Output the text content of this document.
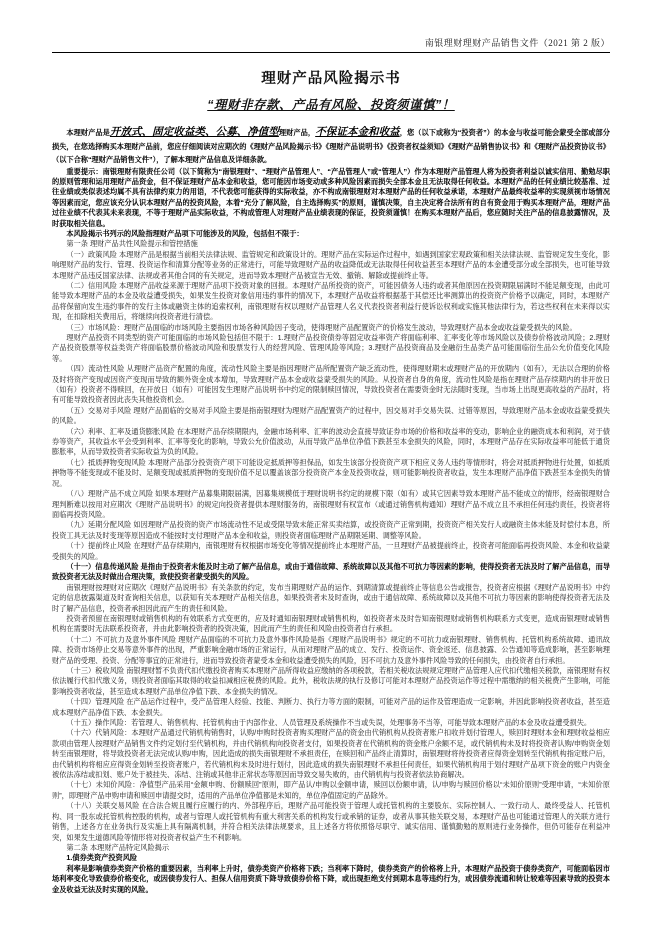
南银理财理财产品销售文件（2021 第 2 版）
理财产品风险揭示书
“理财非存款、产品有风险、投资须谨慎”！

本理财产品是开放式、固定收益类、公募、净值型理财产品，不保证本金和收益，您（以下或称为“投资者”）的本金与收益可能会蒙受全部或部分损失，在您选择购买本理财产品前，您应仔细阅读对应期次的《理财产品风险揭示书》《理财产品说明书》《投资者权益须知》《理财产品销售协议书》和《理财产品投资协议书》（以下合称“理财产品销售文件”），了解本理财产品信息及详细条款。

重要提示：南银理财有限责任公司（以下简称为“南银理财”、“理财产品管理人”、“产品管理人”或“管理人”）作为本理财产品管理人将为投资者利益以诚实信用、勤勉尽职的原则管理和运用理财产品资金，但不保证理财产品本金和收益，您可能因市场变动或多种风险因素而损失全部本金且无法取得任何收益。本理财产品的任何业绩比较基准、过往业绩或类似表述均属不具有法律约束力的用语，不代表您可能获得的实际收益，亦不构成南银理财对本理财产品的任何收益承诺，本理财产品最终收益率的实现须视市场情况等因素而定，您应该充分认识本理财产品的投资风险，本着“充分了解风险，自主选择购买”的原则，谨慎决策，自主决定将合法所有的自有资金用于购买本理财产品，理财产品过往业绩不代表其未来表现，不等于理财产品实际收益，不构成管理人对理财产品业绩表现的保证，投资须谨慎！在购买本理财产品后，您应随时关注产品的信息披露情况，及时获取相关信息。

本风险揭示书列示的风险指理财产品项下可能涉及的风险，包括但不限于：

第一条 理财产品共性风险提示和管控措施

（一）政策风险 本理财产品是根据当前相关法律法规、监管规定和政策设计的。理财产品在实际运作过程中，如遇到国家宏观政策和相关法律法规、监管规定发生变化，影响理财产品的发行、管理、投资运作和清算分配等业务的正常进行，可能导致理财产品的收益降低或无法取得任何收益甚至本理财产品的本金遭受部分或全部损失，也可能导致本理财产品违反国家法律、法规或者其他合同的有关规定，进而导致本理财产品被宣告无效、撤销、解除或提前终止等。

（二）信用风险 本理财产品收益来源于理财产品项下投资对象的回报。本理财产品所投资的资产，可能因债务人违约或者其他原因在投资期限届满时不能足额变现，由此可能导致本理财产品的本金及收益遭受损失，如果发生投资对象信用违约事件的情况下，本理财产品收益将根据基于其偿还比率测算出的投资资产价格予以确定，同时，本理财产品将保留向发生违约事件的发行主体或融资主体的追索权利，南银理财有权以理财产品管理人名义代表投资者利益行使诉讼权利或实施其他法律行为，若这些权利在未来得以实现，在扣除相关费用后，将继续向投资者进行清偿。

（三）市场风险：理财产品面临的市场风险主要指因市场各种风险因子变动，使得理财产品配置资产的价格发生波动，导致理财产品本金或收益蒙受损失的风险。

理财产品投资不同类型的资产可能面临的市场风险包括但不限于：1.理财产品投资债券等固定收益率资产将面临利率、汇率变化等市场风险以及债券价格波动风险；2.理财产品投资股票等权益类资产将面临股票价格波动风险和股票发行人的经营风险、管理风险等风险；3.理财产品投资商品及金融衍生品类产品可能面临衍生品公允价值变化风险等。

（四）流动性风险 从理财产品资产配置的角度，流动性风险主要是指因理财产品所配置资产缺乏流动性，使得理财期末或理财产品的开放期内（如有），无法以合理的价格及时将资产变现或因资产变现而导致的额外资金成本增加，导致理财产品本金或收益蒙受损失的风险。从投资者自身的角度，流动性风险是指在理财产品存续期内的非开放日（如有）投资者不得赎回，在开放日（如有）可能因发生理财产品说明书中约定的限制赎回情况，导致投资者在需要资金时无法随时变现，当市场上出现更高收益的产品时，将有可能导致投资者因此丧失其他投资机会。

（五）交易对手风险 理财产品面临的交易对手风险主要是指南银理财为理财产品配置资产的过程中，因交易对手交易失误、过错等原因，导致理财产品本金或收益蒙受损失的风险。

（六）利率、汇率及通货膨胀风险 在本理财产品存续期限内，金融市场利率、汇率的波动会直接导致证券市场的价格和收益率的变动，影响企业的融资成本和利润，对于债券等资产，其收益水平会受到利率、汇率等变化的影响，导致公允价值波动，从而导致产品单位净值下跌甚至本金损失的风险，同时，本理财产品存在实际收益率可能低于通货膨胀率，从而导致投资者实际收益为负的风险。

（七）抵质押物变现风险 本理财产品部分投资资产项下可能设定抵质押等担保品，如发生该部分投资资产项下相应义务人违约等情形时，将会对抵质押物进行处置，如抵质押物等不能变现或不能及时、足额变现或抵质押物的变现价值不足以覆盖该部分投资资产本金及投资收益，则可能影响投资者收益，发生本理财产品净值下跌甚至本金损失的情况。

（八）理财产品不成立风险 如果本理财产品募集期限届满，因募集规模低于理财说明书约定的规模下限（如有）或其它因素导致本理财产品不能成立的情形，经南银理财合理判断难以按用对应期次《理财产品说明书》的规定向投资者提供本理财服务的，南银理财有权宣布（或通过销售机构通知）理财产品不成立且不承担任何违约责任，投资者将面临再投资风险。

（九）延期分配风险 如因理财产品投资的资产市场流动性不足或受限导致未能正常买卖结算，或投资资产正常到期，投资资产相关发行人或融资主体未能及时偿付本息，所投资工具无法及时变现等原因造成不能按时支付理财产品本金和收益，则投资者面临理财产品期限延期、调整等风险。

（十）提前终止风险 在理财产品存续期内，南银理财有权根据市场变化等情况提前终止本理财产品，一旦理财产品被提前终止，投资者可能面临再投资风险、本金和收益蒙受损失的风险。

（十一）信息传递风险 是指由于投资者未能及时主动了解产品信息，或由于通信故障、系统故障以及其他不可抗力等因素的影响，使得投资者无法及时了解产品信息，而导致投资者无法及时做出合理决策，致使投资者蒙受损失的风险。

南银理财按理财对应期次《理财产品说明书》有关条款的约定，发布当期理财产品的运作、到期清算或提前终止等信息公告或报告，投资者应根据《理财产品说明书》中约定的信息披露渠道及时查询相关信息，以获知有关本理财产品相关信息，如果投资者未及时查询，或由于通信故障、系统故障以及其他不可抗力等因素的影响使得投资者无法及时了解产品信息，投资者承担因此而产生的责任和风险。

投资者预留在南银理财或销售机构的有效联系方式变更的，应及时通知南银理财或销售机构，如投资者未及时告知南银理财或销售机构联系方式变更，造成南银理财或销售机构在需要时无法联系投资者，并由此影响投资者的投资决策，因此而产生的责任和风险由投资者自行承担。

（十二）不可抗力及意外事件风险 理财产品面临的不可抗力及意外事件风险是指《理财产品说明书》规定的不可抗力或南银理财、销售机构、托管机构系统故障、通讯故障、投资市场停止交易等意外事件的出现，严重影响金融市场的正常运行，从而对理财产品的成立、发行、投资运作、资金返还、信息披露、公告通知等造成影响，甚至影响理财产品的受理、投资、分配等事宜的正常进行，进而导致投资者蒙受本金和收益遭受损失的风险，因不可抗力及意外事件风险导致的任何损失，由投资者自行承担。

（十三）税收风险 南银理财暂不负责代扣代缴投资者购买本理财产品所得收益应缴纳的各项税款，若相关税收法规规定理财产品管理人应代扣代缴相关税款，南银理财有权依法履行代扣代缴义务，则投资者面临其取得的收益扣减相应税费的风险。此外，税收法规的执行及修订可能对本理财产品投资运作等过程中需缴纳的相关税费产生影响，可能影响投资者收益，甚至造成本理财产品单位净值下跌、本金损失的情况。

（十四）管理风险 在产品运作过程中，受产品管理人经验、技能、判断力、执行力等方面的限制，可能对产品的运作及管理造成一定影响，并因此影响投资者收益，甚至造成本理财产品净值下跌、本金损失。

（十五）操作风险：若管理人、销售机构、托管机构由于内部作业、人员管理及系统操作不当或失误，处理事务不当等，可能导致本理财产品的本金及收益遭受损失。

（十六）代销风险：本理财产品通过代销机构销售时，认购/申购时投资者购买理财产品的资金由代销机构从投资者账户扣收并划付管理人，赎回时理财本金和理财收益相应款项由管理人按理财产品销售文件约定划付至代销机构，并由代销机构向投资者支付，如果投资者在代销机构的资金账户余额不足，或代销机构未及时将投资者认购/申购资金划转至南银理财，将导致投资者无法完成认购/申购，因此造成的损失南银理财不承担责任，在赎回和产品终止清算时，南银理财将待投资者应得资金划转至代销机构指定账户后，由代销机构将相应应得资金划转至投资者账户，若代销机构未及时进行划付，因此造成的损失南银理财不承担任何责任，如果代销机构用于划付理财产品项下资金的账户内资金被依法冻结或扣划、账户处于被挂失、冻结、注销或其他非正常状态等原因而导致交易失败的，由代销机构与投资者依法协商解决。

（十七）未知价风险：净值型产品采用“金额申购、份额赎回”原则，即产品认/申购以金额申请，赎回以份额申请，认/申购与赎回价格以“未知价原则”受理申请，“未知价原则”，即理财产品申购申请和赎回申请提交时，适用的产品单位净值都是未知的，单位净值固定的产品除外。

（十八）关联交易风险 在合法合规且履行应履行的内、外部程序后，理财产品可能投资于管理人或托管机构的主要股东、实际控制人、一致行动人、最终受益人、托管机构、同一股东或托管机构控股的机构，或者与管理人或托管机构有重大利害关系的机构发行或承销的证券，或者从事其他关联交易，本理财产品也可能通过管理人的关联方进行销售，上述各方在业务执行及实施上具有隔离机制，并符合相关法律法规要求，且上述各方将依照恪尽职守、诚实信用、谨慎勤勉的原则进行业务操作，但仍可能存在利益冲突，如果发生道德风险等情形将对投资者权益产生不利影响。

第二条 本理财产品特定风险揭示

1.债券类资产投资风险

利率是影响债券类资产价格的重要因素，当利率上升时，债券类资产价格将下跌；当利率下降时，债券类资产的价格将上升，本理财产品投资于债券类资产，可能面临因市场利率变化导致债券价格变化，或因债券发行人、担保人信用资质下降导致债券价格下降，或出现拒绝支付到期本息等违约行为，或因债券流通和转让较难等因素导致的投资本金及收益无法及时实现的风险。
